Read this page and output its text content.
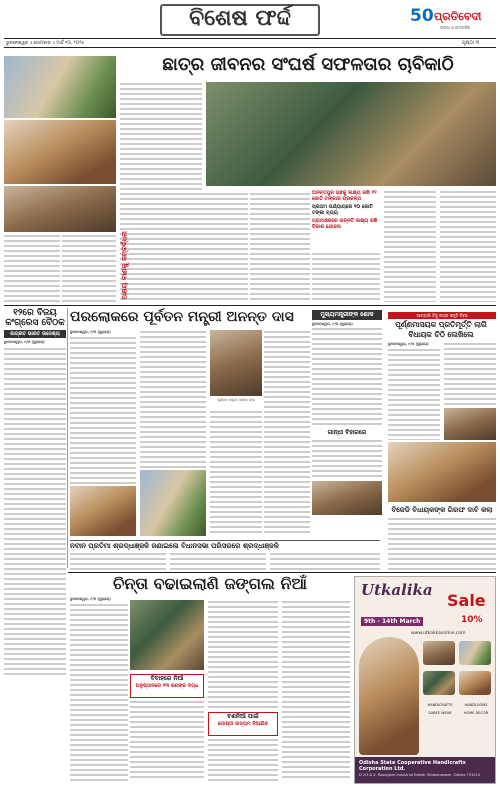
ବିଶେଷ ଫର୍ଦ୍ଦ	50 ପ୍ରତିବେଦୀ
ଭରସା ଓ ଉତ୍କର୍ଷର
ଭୁବନେଶ୍ୱର ॥ ସୋମବାର ॥ ମାର୍ଚ୍ଚ ୧୦, ୨୦୨୫	ପୃଷ୍ଠା ୩
ଛାତ୍ର ଜୀବନର ସଂଘର୍ଷ ସଫଳତାର ଚାବିକାଠି
ଅନନ୍ତପୁର ଗଛକୁ ଲକ୍ଷ୍ୟ ରଖି ୧୨ କୋଟି ଟଙ୍କାର ପ୍ରକଳ୍ପ
ପ୍ରଥମ ପର୍ଯ୍ୟାୟରେ ୧୦ କୋଟି ଟଙ୍କା ବ୍ୟୟ
ଗ୍ରାମାଞ୍ଚଳରେ ଉନ୍ନତି ଲକ୍ଷ୍ୟ ରଖି ବିକାଶ ଯୋଜନା
ଅକ୍ଷୟ ବାଣକୁ ସମ୍ବର୍ଦ୍ଧନା
୧୨ରେ ବିଜୟ କଂଗ୍ରେସ ବୈଠକ
ଜାଗ୍ରତ ଭାରତ ଉଦ୍ଦେଶ୍ୟ
ଭୁବନେଶ୍ୱର, ୯/୩ (ବ୍ୟୁରୋ)
ପରଲୋକରେ ପୂର୍ବତନ ମନ୍ତ୍ରୀ ଅନନ୍ତ ଦାସ
ଭୁବନେଶ୍ୱର, ୯/୩ (ବ୍ୟୁରୋ)
ପୂର୍ବତନ ମନ୍ତ୍ରୀ ଅନନ୍ତ ଦାସ
ନବୀନ ପ୍ରତିମା ଶ୍ରଦ୍ଧାଞ୍ଜଳି ଜଣାଇଲେ ବିଧାନସଭା ପରିସରରେ ଶ୍ରଦ୍ଧାଞ୍ଜଳି
ମୁଖ୍ୟମନ୍ତ୍ରୀଙ୍କ ଶୋକ
ଭୁବନେଶ୍ୱର, ୯/୩ (ବ୍ୟୁରୋ)
ଗାନ୍ଧୀ ବିହାରରେ
ଆମ୍ବାଗାଁ ବିଜୁ ନାୟକ ସ୍ମୃତି ଦିବସ
ପୂର୍ଣ୍ଣମାସୟକ ପ୍ରତିମୂର୍ତ୍ତି ଲାଗି ବିଧାୟକ ଚିଠି ଲେଖିଲେ
ଭୁବନେଶ୍ୱର, ୯/୩ (ବ୍ୟୁରୋ)
ବିଜେଡି ବିଧାୟକଙ୍କ ଗିରଫ ଦାବି କଲା
ଚିନ୍ତା ବଢାଇଲାଣି ଜଙ୍ଗଲ ନିଆଁ
ଭୁବନେଶ୍ୱର, ୯/୩ (ବ୍ୟୁରୋ)
ବିବାହରେ ନିଆଁ
ଅନୁଷ୍ଠାନରେ ୨୩ ଜଣଙ୍କ ଦଗ୍ଧ
ବଣନିଆଁ ପାଇଁ
ଗୋଷ୍ଠୀ ଉଦ୍ୟମ ନିଆଯିବ
Utkalika
Sale
9th - 14th March	10%
www.utkalikaonline.com
HANDICRAFTS	HANDLOOMS
SAREE WEAR	HOME DECOR
Odisha State Cooperative Handicrafts Corporation Ltd.
D 2/3 & 4, Rasulgarh Industrial Estate, Bhubaneswar, Odisha 751010
